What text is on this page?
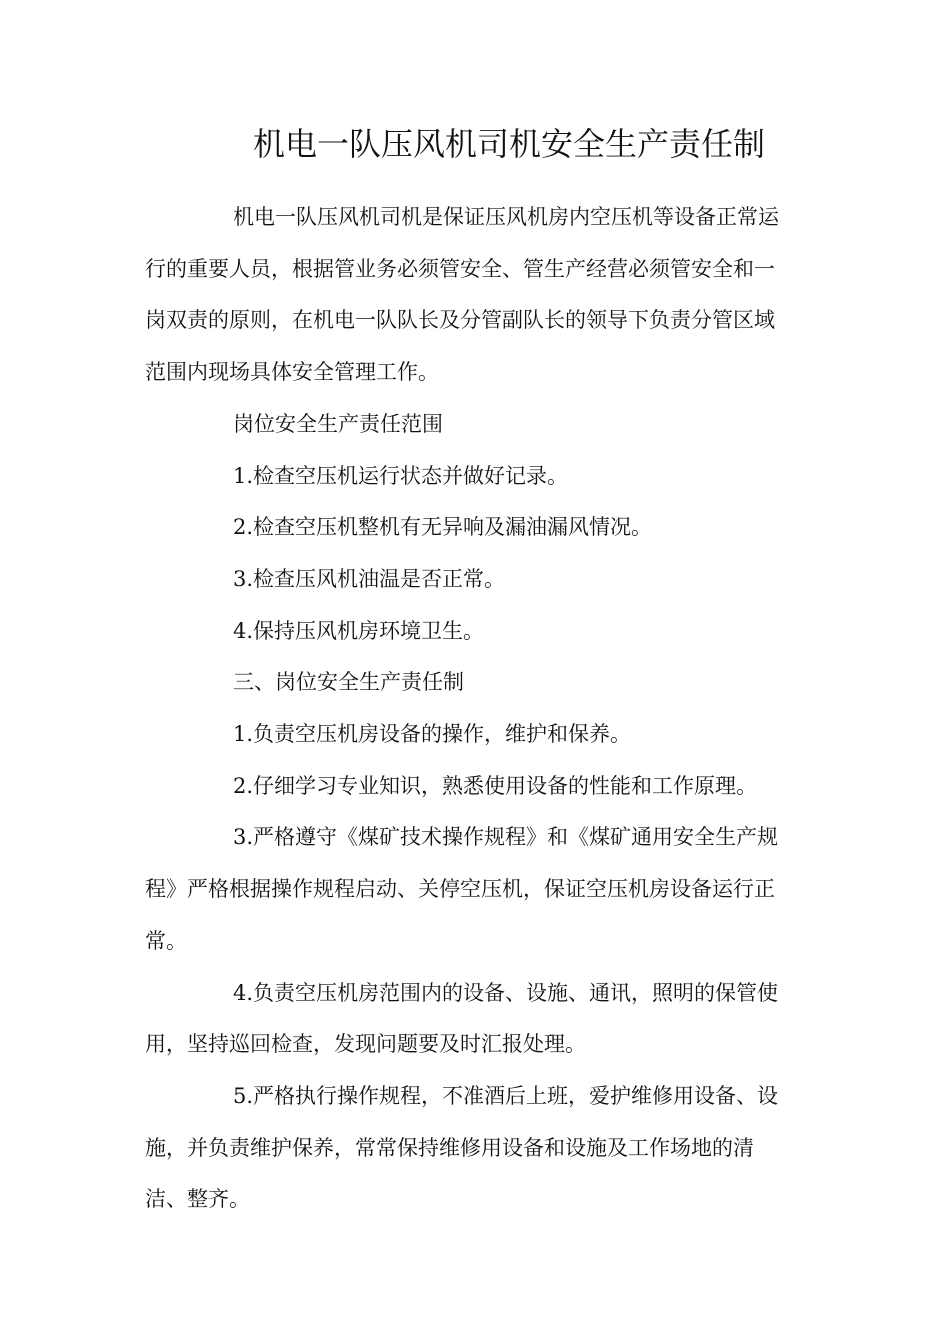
机电一队压风机司机安全生产责任制

机电一队压风机司机是保证压风机房内空压机等设备正常运行的重要人员，根据管业务必须管安全、管生产经营必须管安全和一岗双责的原则，在机电一队队长及分管副队长的领导下负责分管区域范围内现场具体安全管理工作。

岗位安全生产责任范围

1.检查空压机运行状态并做好记录。

2.检查空压机整机有无异响及漏油漏风情况。

3.检查压风机油温是否正常。

4.保持压风机房环境卫生。

三、岗位安全生产责任制

1.负责空压机房设备的操作，维护和保养。

2.仔细学习专业知识，熟悉使用设备的性能和工作原理。

3.严格遵守《煤矿技术操作规程》和《煤矿通用安全生产规程》严格根据操作规程启动、关停空压机，保证空压机房设备运行正常。

4.负责空压机房范围内的设备、设施、通讯，照明的保管使用，坚持巡回检查，发现问题要及时汇报处理。

5.严格执行操作规程，不准酒后上班，爱护维修用设备、设施，并负责维护保养，常常保持维修用设备和设施及工作场地的清洁、整齐。
